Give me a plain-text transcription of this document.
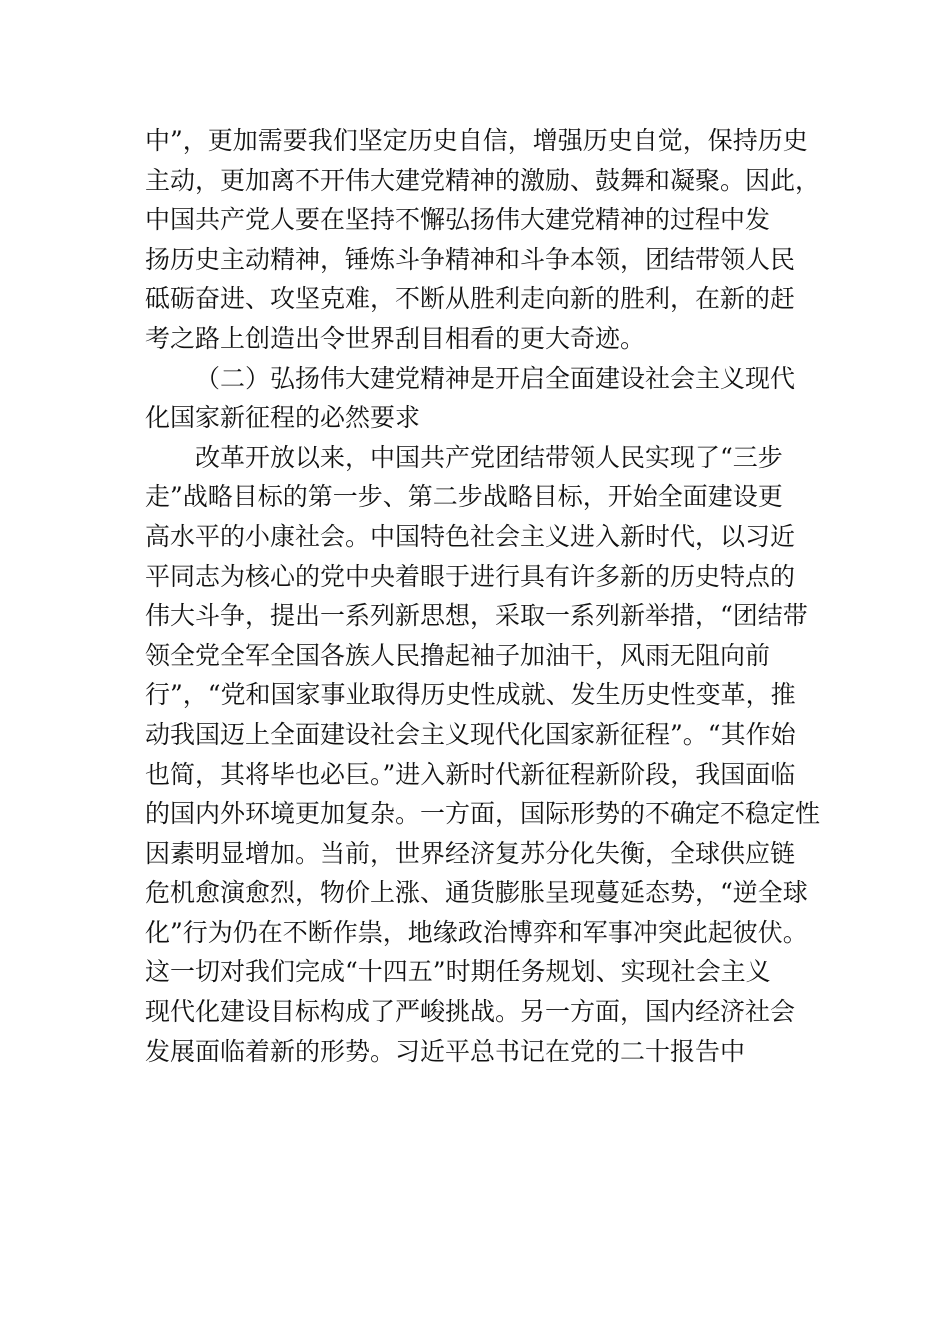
中”，更加需要我们坚定历史自信，增强历史自觉，保持历史
主动，更加离不开伟大建党精神的激励、鼓舞和凝聚。因此，
中国共产党人要在坚持不懈弘扬伟大建党精神的过程中发
扬历史主动精神，锤炼斗争精神和斗争本领，团结带领人民
砥砺奋进、攻坚克难，不断从胜利走向新的胜利，在新的赶
考之路上创造出令世界刮目相看的更大奇迹。
（二）弘扬伟大建党精神是开启全面建设社会主义现代
化国家新征程的必然要求
改革开放以来，中国共产党团结带领人民实现了“三步
走”战略目标的第一步、第二步战略目标，开始全面建设更
高水平的小康社会。中国特色社会主义进入新时代，以习近
平同志为核心的党中央着眼于进行具有许多新的历史特点的
伟大斗争，提出一系列新思想，采取一系列新举措，“团结带
领全党全军全国各族人民撸起袖子加油干，风雨无阻向前
行”，“党和国家事业取得历史性成就、发生历史性变革，推
动我国迈上全面建设社会主义现代化国家新征程”。“其作始
也简，其将毕也必巨。”进入新时代新征程新阶段，我国面临
的国内外环境更加复杂。一方面，国际形势的不确定不稳定性
因素明显增加。当前，世界经济复苏分化失衡，全球供应链
危机愈演愈烈，物价上涨、通货膨胀呈现蔓延态势，“逆全球
化”行为仍在不断作祟，地缘政治博弈和军事冲突此起彼伏。
这一切对我们完成“十四五”时期任务规划、实现社会主义
现代化建设目标构成了严峻挑战。另一方面，国内经济社会
发展面临着新的形势。习近平总书记在党的二十报告中
